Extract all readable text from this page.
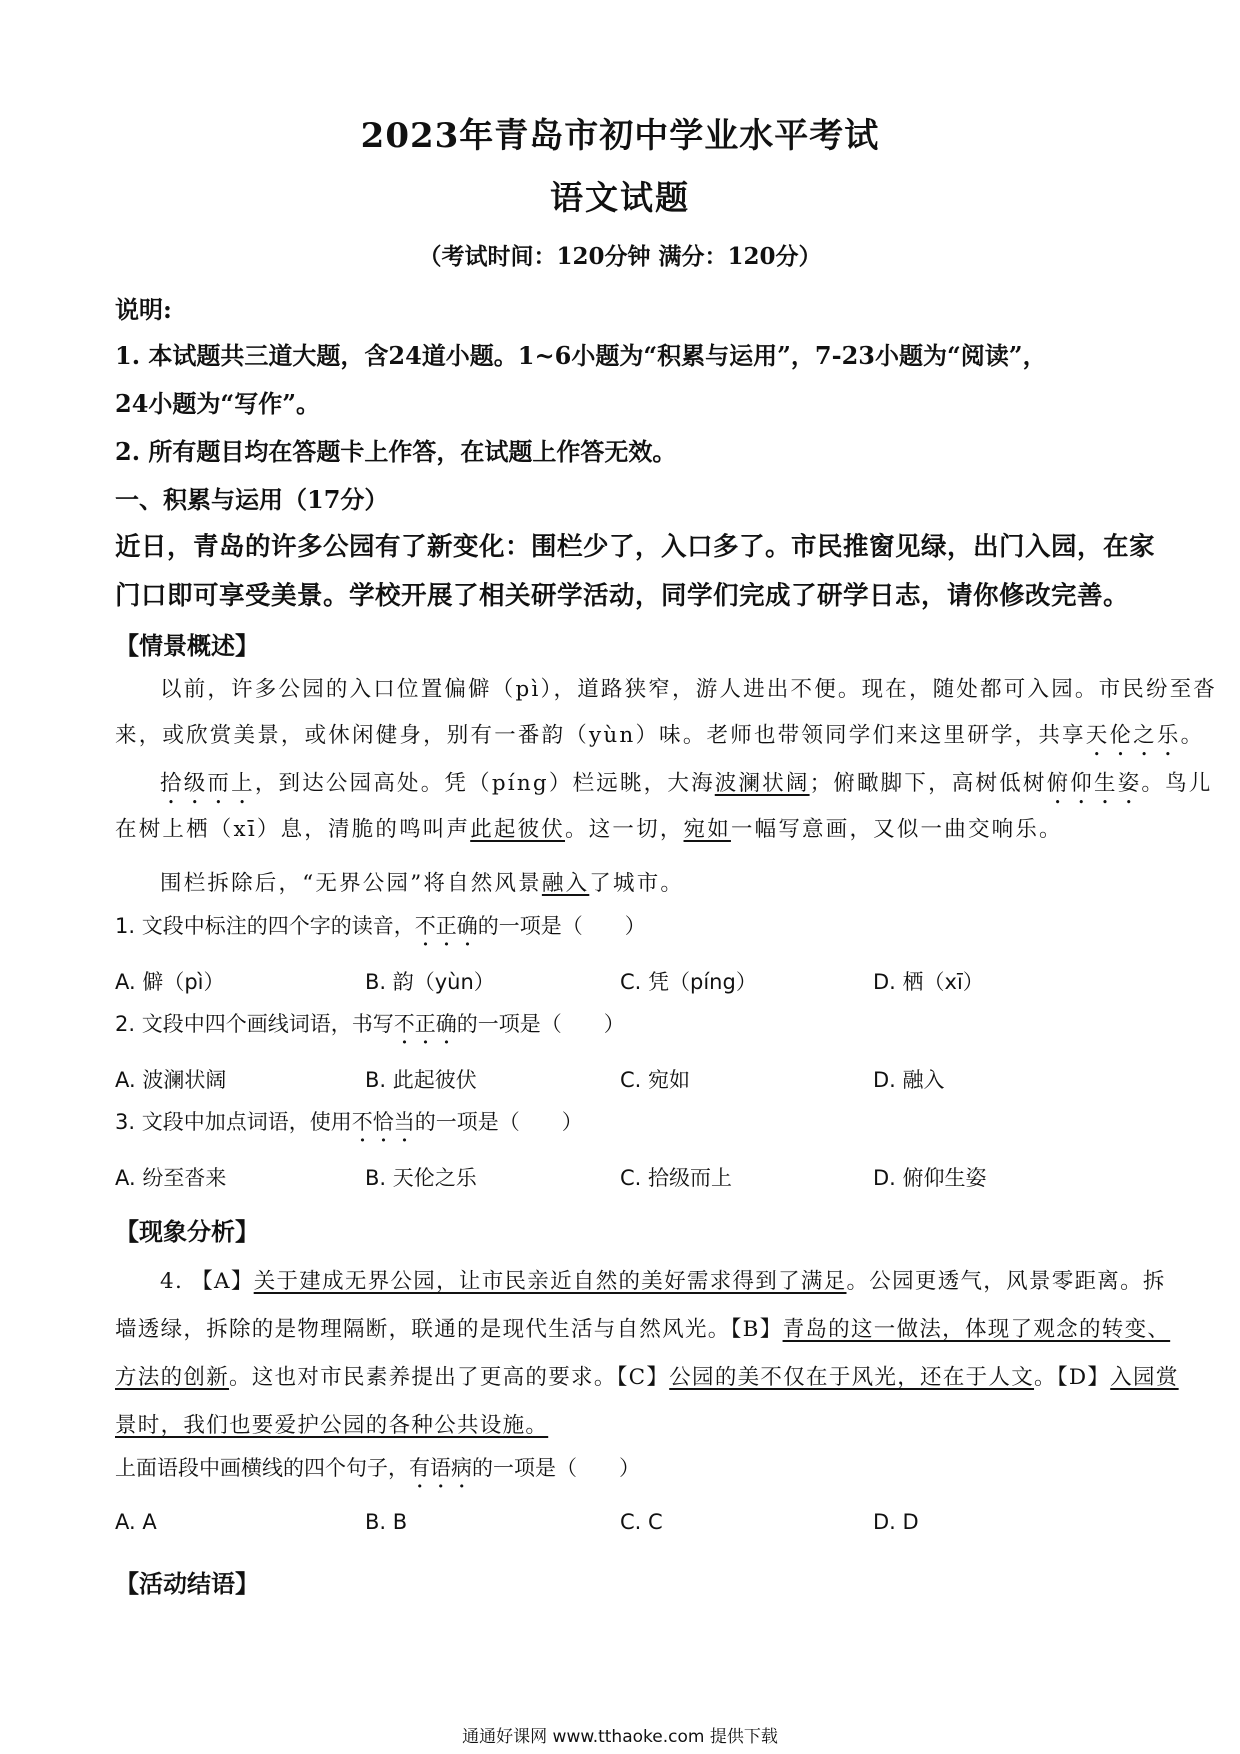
2023年青岛市初中学业水平考试
语文试题
（考试时间：120分钟 满分：120分）
说明:
1. 本试题共三道大题，含24道小题。1~6小题为“积累与运用”，7-23小题为“阅读”，
24小题为“写作”。
2. 所有题目均在答题卡上作答，在试题上作答无效。
一、积累与运用（17分）
近日，青岛的许多公园有了新变化：围栏少了，入口多了。市民推窗见绿，出门入园，在家
门口即可享受美景。学校开展了相关研学活动，同学们完成了研学日志，请你修改完善。
【情景概述】
以前，许多公园的入口位置偏僻（pì），道路狭窄，游人进出不便。现在，随处都可入园。市民纷至沓
来，或欣赏美景，或休闲健身，别有一番韵（yùn）味。老师也带领同学们来这里研学，共享天伦之乐。
拾级而上，到达公园高处。凭（píng）栏远眺，大海波澜状阔；俯瞰脚下，高树低树俯仰生姿。鸟儿
在树上栖（xī）息，清脆的鸣叫声此起彼伏。这一切，宛如一幅写意画，又似一曲交响乐。
围栏拆除后，“无界公园”将自然风景融入了城市。
1. 文段中标注的四个字的读音，不正确的一项是（　　）
A. 僻（pì）	B. 韵（yùn）	C. 凭（píng）	D. 栖（xī）
2. 文段中四个画线词语，书写不正确的一项是（　　）
A. 波澜状阔	B. 此起彼伏	C. 宛如	D. 融入
3. 文段中加点词语，使用不恰当的一项是（　　）
A. 纷至沓来	B. 天伦之乐	C. 拾级而上	D. 俯仰生姿
【现象分析】
4. 【A】关于建成无界公园，让市民亲近自然的美好需求得到了满足。公园更透气，风景零距离。拆
墙透绿，拆除的是物理隔断，联通的是现代生活与自然风光。【B】青岛的这一做法，体现了观念的转变、
方法的创新。这也对市民素养提出了更高的要求。【C】公园的美不仅在于风光，还在于人文。【D】入园赏
景时，我们也要爱护公园的各种公共设施。
上面语段中画横线的四个句子，有语病的一项是（　　）
A. A	B. B	C. C	D. D
【活动结语】
通通好课网 www.tthaoke.com 提供下载
